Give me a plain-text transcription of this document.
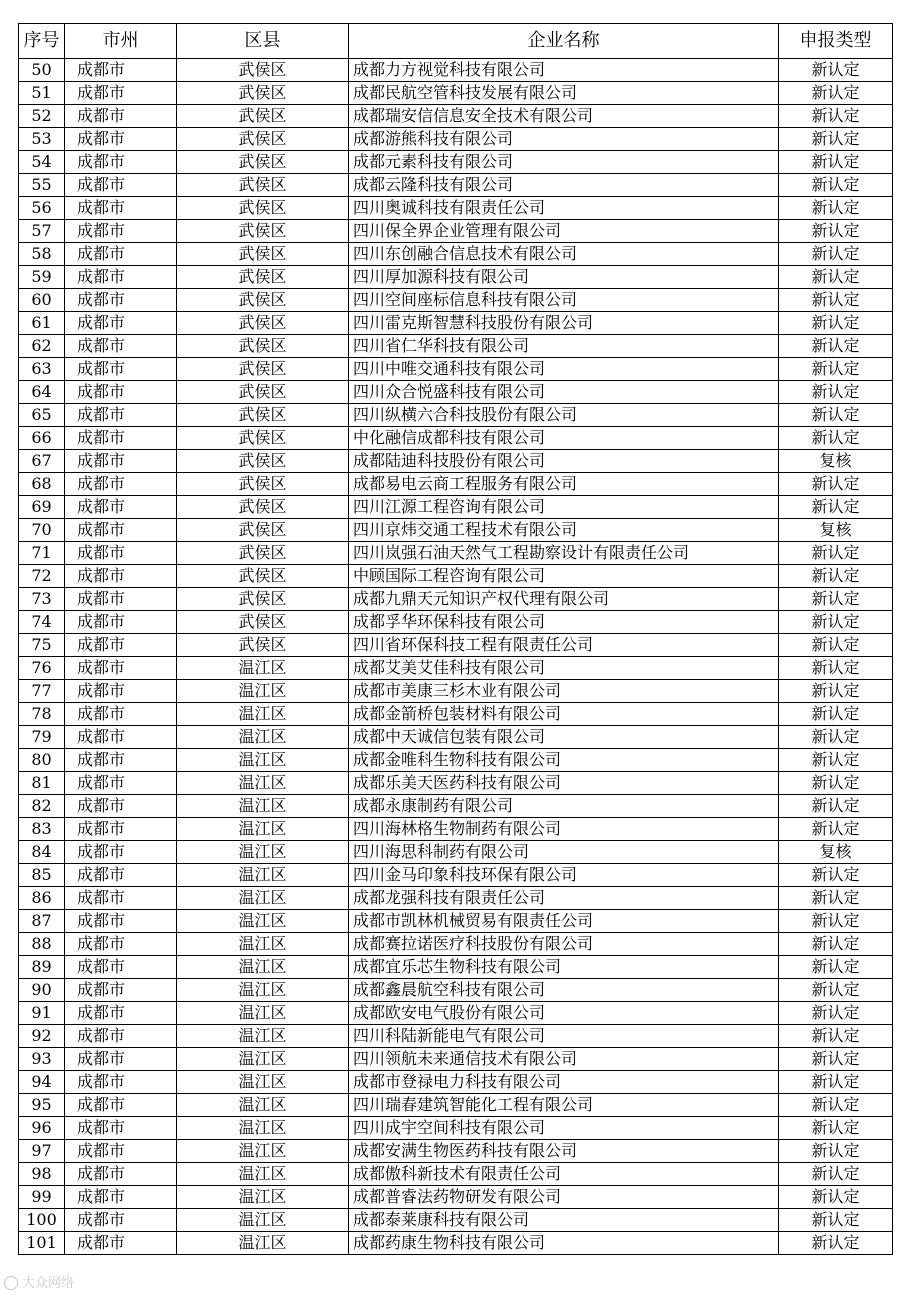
序号	市州	区县	企业名称	申报类型
50	成都市	武侯区	成都力方视觉科技有限公司	新认定
51	成都市	武侯区	成都民航空管科技发展有限公司	新认定
52	成都市	武侯区	成都瑞安信信息安全技术有限公司	新认定
53	成都市	武侯区	成都游熊科技有限公司	新认定
54	成都市	武侯区	成都元素科技有限公司	新认定
55	成都市	武侯区	成都云隆科技有限公司	新认定
56	成都市	武侯区	四川奥诚科技有限责任公司	新认定
57	成都市	武侯区	四川保全界企业管理有限公司	新认定
58	成都市	武侯区	四川东创融合信息技术有限公司	新认定
59	成都市	武侯区	四川厚加源科技有限公司	新认定
60	成都市	武侯区	四川空间座标信息科技有限公司	新认定
61	成都市	武侯区	四川雷克斯智慧科技股份有限公司	新认定
62	成都市	武侯区	四川省仁华科技有限公司	新认定
63	成都市	武侯区	四川中唯交通科技有限公司	新认定
64	成都市	武侯区	四川众合悦盛科技有限公司	新认定
65	成都市	武侯区	四川纵横六合科技股份有限公司	新认定
66	成都市	武侯区	中化融信成都科技有限公司	新认定
67	成都市	武侯区	成都陆迪科技股份有限公司	复核
68	成都市	武侯区	成都易电云商工程服务有限公司	新认定
69	成都市	武侯区	四川江源工程咨询有限公司	新认定
70	成都市	武侯区	四川京炜交通工程技术有限公司	复核
71	成都市	武侯区	四川岚强石油天然气工程勘察设计有限责任公司	新认定
72	成都市	武侯区	中顾国际工程咨询有限公司	新认定
73	成都市	武侯区	成都九鼎天元知识产权代理有限公司	新认定
74	成都市	武侯区	成都孚华环保科技有限公司	新认定
75	成都市	武侯区	四川省环保科技工程有限责任公司	新认定
76	成都市	温江区	成都艾美艾佳科技有限公司	新认定
77	成都市	温江区	成都市美康三杉木业有限公司	新认定
78	成都市	温江区	成都金箭桥包装材料有限公司	新认定
79	成都市	温江区	成都中天诚信包装有限公司	新认定
80	成都市	温江区	成都金唯科生物科技有限公司	新认定
81	成都市	温江区	成都乐美天医药科技有限公司	新认定
82	成都市	温江区	成都永康制药有限公司	新认定
83	成都市	温江区	四川海林格生物制药有限公司	新认定
84	成都市	温江区	四川海思科制药有限公司	复核
85	成都市	温江区	四川金马印象科技环保有限公司	新认定
86	成都市	温江区	成都龙强科技有限责任公司	新认定
87	成都市	温江区	成都市凯林机械贸易有限责任公司	新认定
88	成都市	温江区	成都赛拉诺医疗科技股份有限公司	新认定
89	成都市	温江区	成都宜乐芯生物科技有限公司	新认定
90	成都市	温江区	成都鑫晨航空科技有限公司	新认定
91	成都市	温江区	成都欧安电气股份有限公司	新认定
92	成都市	温江区	四川科陆新能电气有限公司	新认定
93	成都市	温江区	四川领航未来通信技术有限公司	新认定
94	成都市	温江区	成都市登禄电力科技有限公司	新认定
95	成都市	温江区	四川瑞春建筑智能化工程有限公司	新认定
96	成都市	温江区	四川成宇空间科技有限公司	新认定
97	成都市	温江区	成都安满生物医药科技有限公司	新认定
98	成都市	温江区	成都傲科新技术有限责任公司	新认定
99	成都市	温江区	成都普睿法药物研发有限公司	新认定
100	成都市	温江区	成都泰莱康科技有限公司	新认定
101	成都市	温江区	成都药康生物科技有限公司	新认定
大众网络
